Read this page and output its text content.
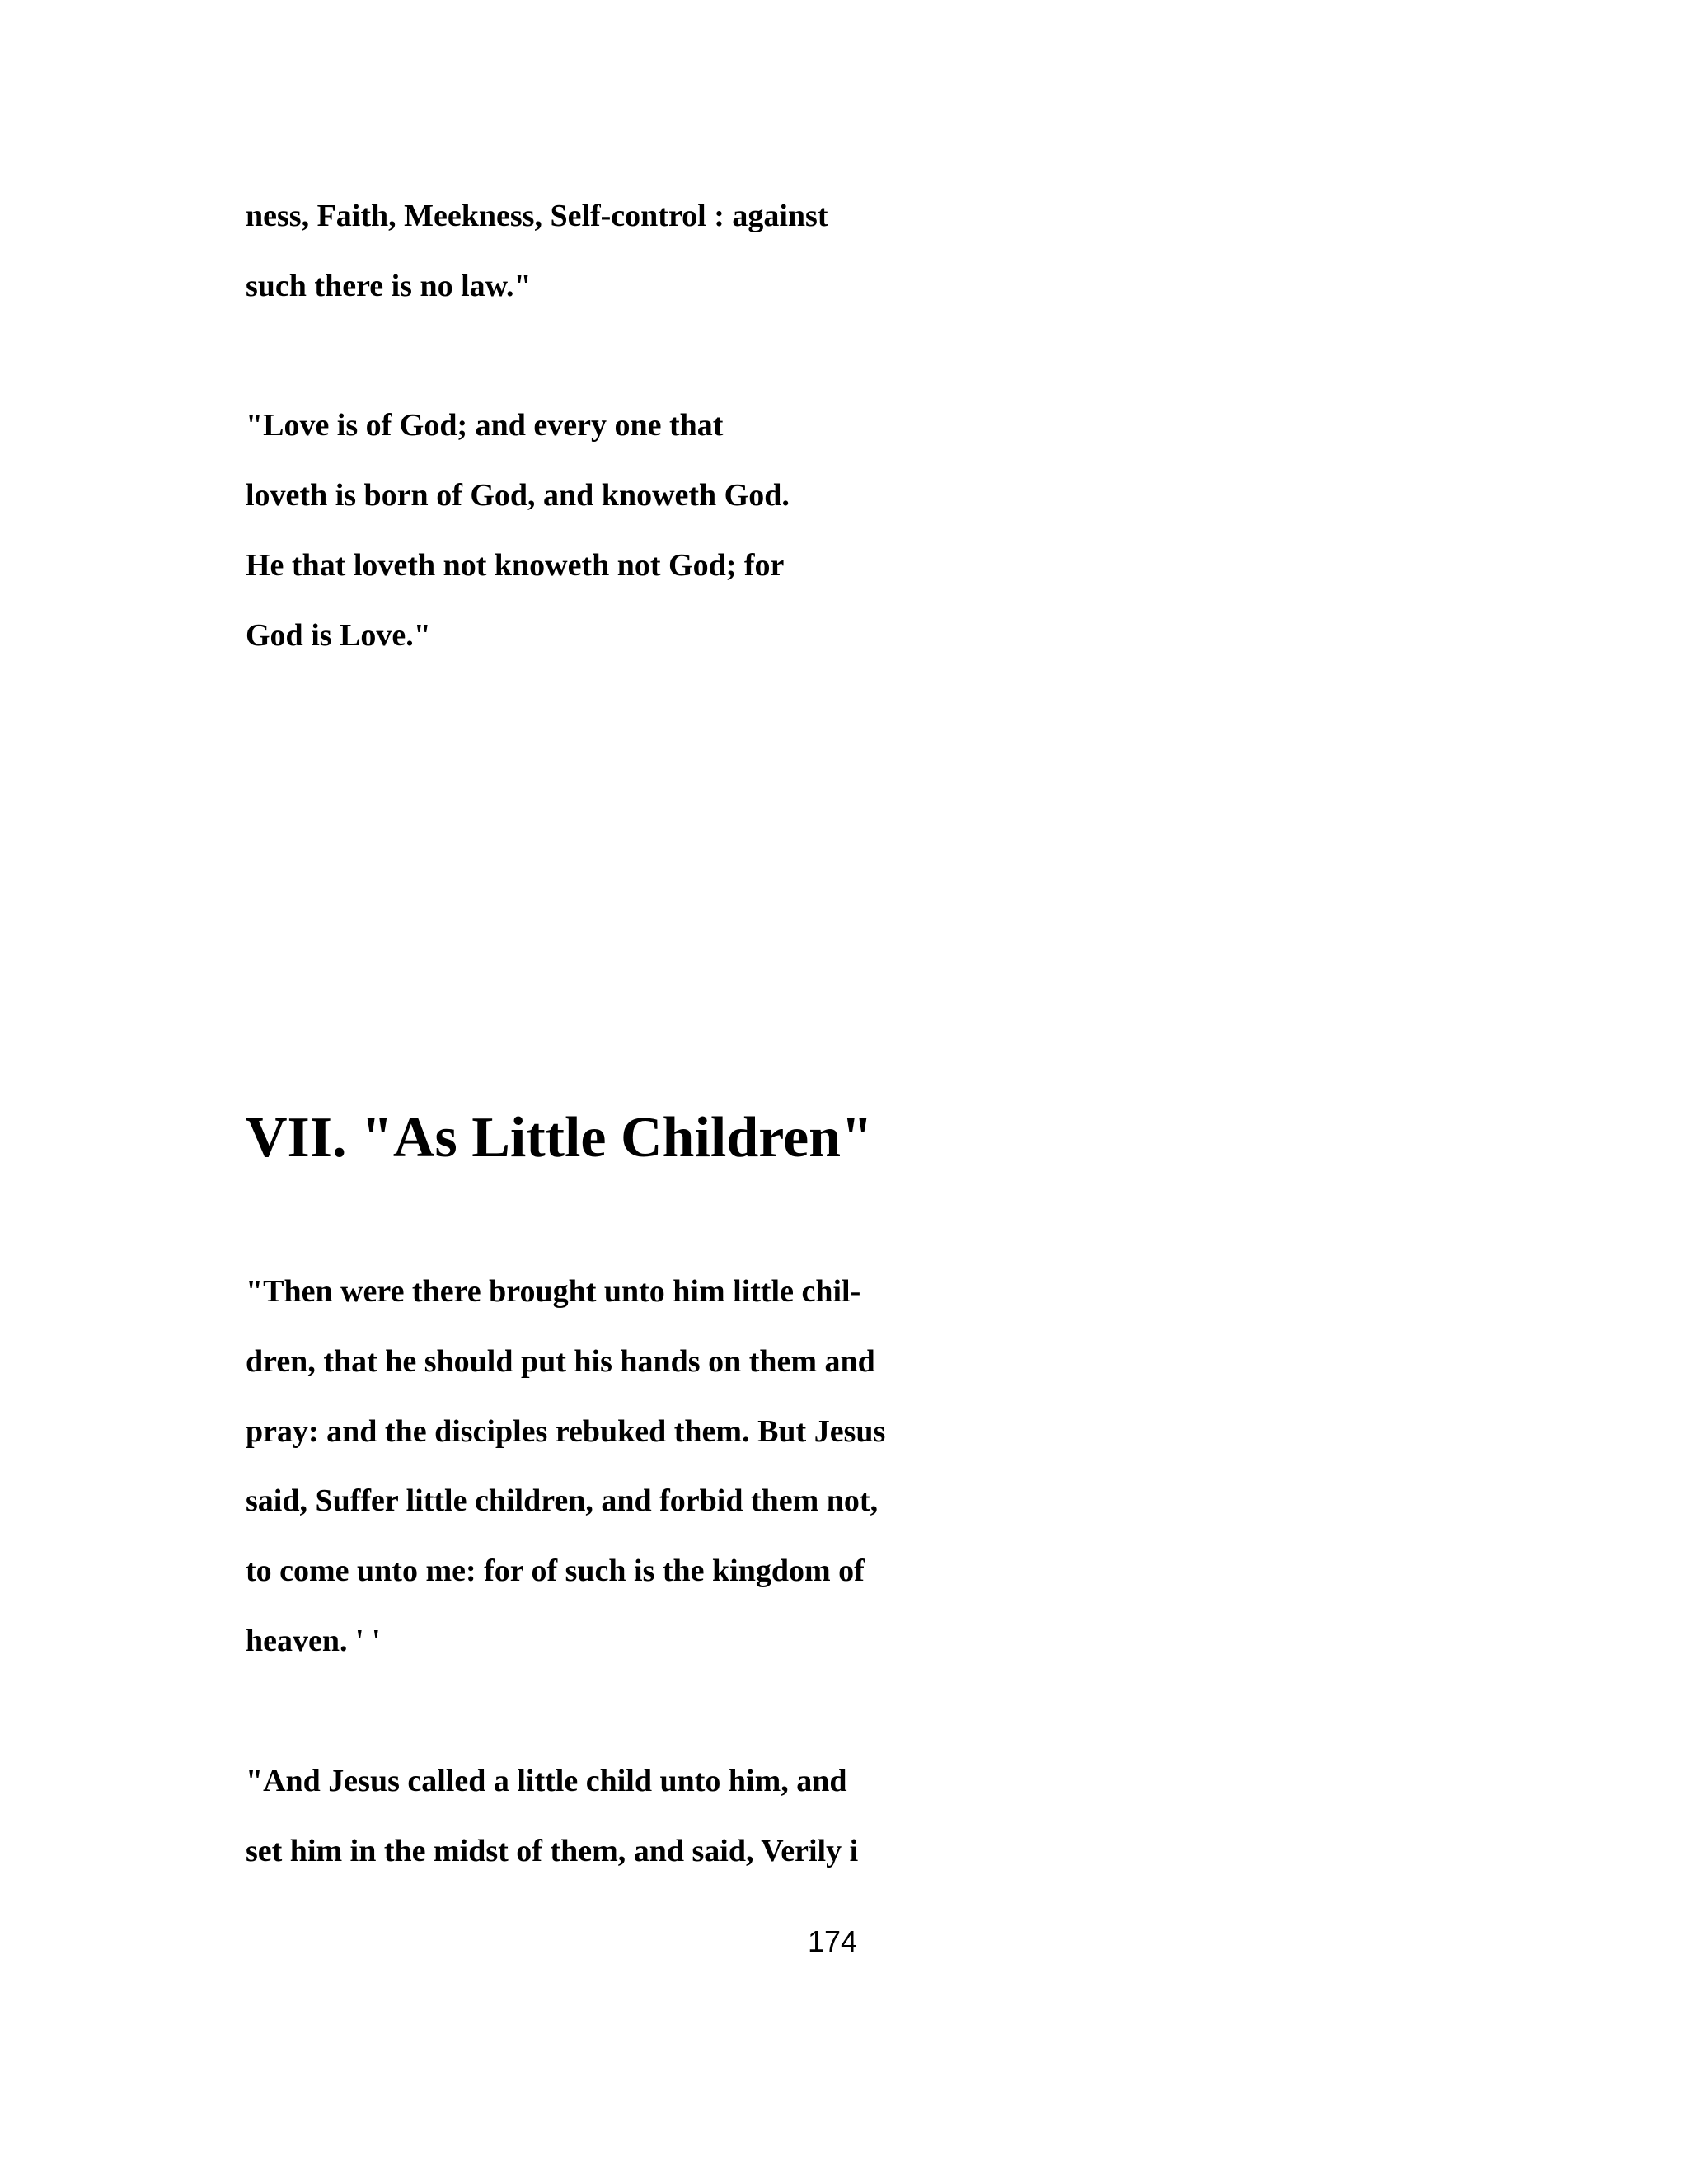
ness, Faith, Meekness, Self-control : against
such there is no law."
"Love is of God; and every one that
loveth is born of God, and knoweth God.
He that loveth not knoweth not God; for
God is Love."
VII. "As Little Children"
"Then were there brought unto him little chil-
dren, that he should put his hands on them and
pray: and the disciples rebuked them. But Jesus
said, Suffer little children, and forbid them not,
to come unto me: for of such is the kingdom of
heaven. ' '
"And Jesus called a little child unto him, and
set him in the midst of them, and said, Verily i
174
